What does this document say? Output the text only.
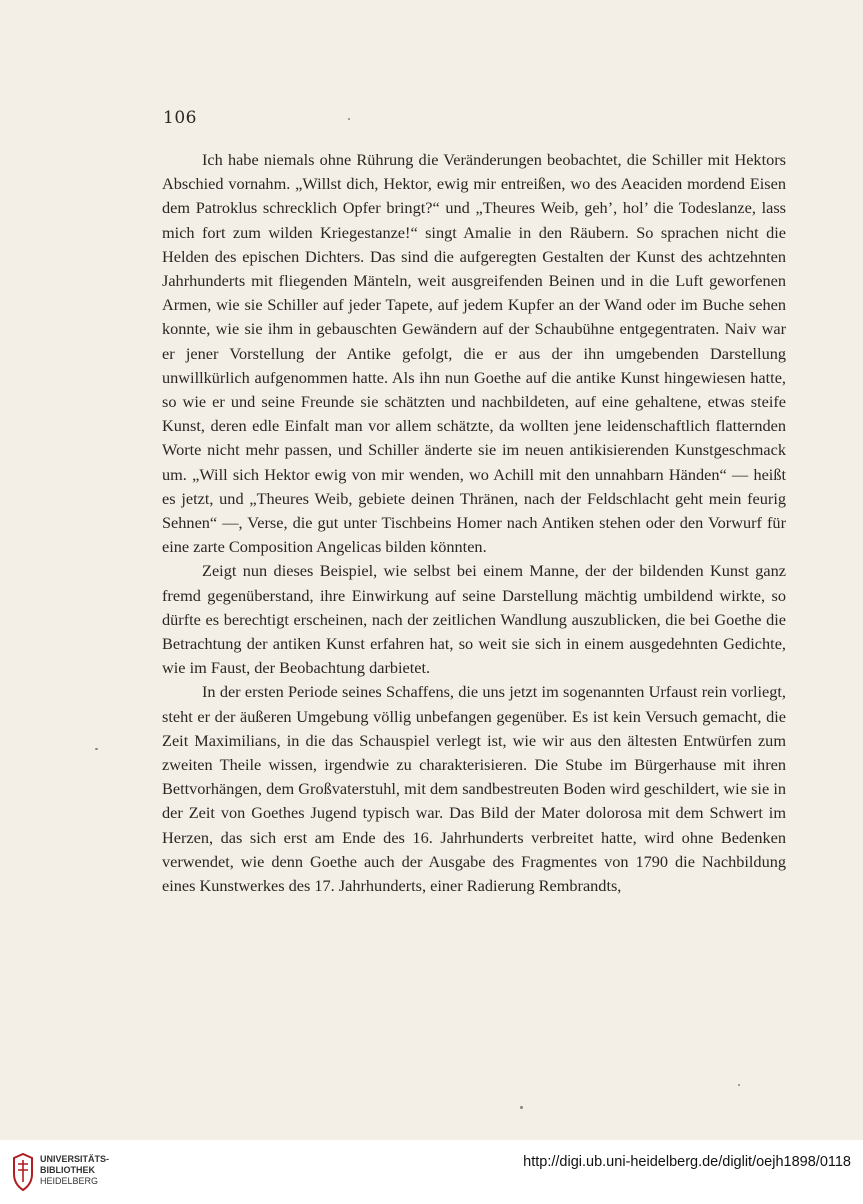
106

Ich habe niemals ohne Rührung die Veränderungen beobachtet, die Schiller mit Hektors Abschied vornahm. „Willst dich, Hektor, ewig mir entreißen, wo des Aeaciden mordend Eisen dem Patroklus schrecklich Opfer bringt?“ und „Theures Weib, geh’, hol’ die Todeslanze, lass mich fort zum wilden Kriegestanze!“ singt Amalie in den Räubern. So sprachen nicht die Helden des epischen Dichters. Das sind die aufgeregten Gestalten der Kunst des achtzehnten Jahrhunderts mit fliegenden Mänteln, weit ausgreifenden Beinen und in die Luft geworfenen Armen, wie sie Schiller auf jeder Tapete, auf jedem Kupfer an der Wand oder im Buche sehen konnte, wie sie ihm in gebauschten Gewändern auf der Schaubühne entgegentraten. Naiv war er jener Vorstellung der Antike gefolgt, die er aus der ihn umgebenden Darstellung unwillkürlich aufgenommen hatte. Als ihn nun Goethe auf die antike Kunst hingewiesen hatte, so wie er und seine Freunde sie schätzten und nachbildeten, auf eine gehaltene, etwas steife Kunst, deren edle Einfalt man vor allem schätzte, da wollten jene leidenschaftlich flatternden Worte nicht mehr passen, und Schiller änderte sie im neuen antikisierenden Kunstgeschmack um. „Will sich Hektor ewig von mir wenden, wo Achill mit den unnahbarn Händen“ — heißt es jetzt, und „Theures Weib, gebiete deinen Thränen, nach der Feldschlacht geht mein feurig Sehnen“ —, Verse, die gut unter Tischbeins Homer nach Antiken stehen oder den Vorwurf für eine zarte Composition Angelicas bilden könnten.

Zeigt nun dieses Beispiel, wie selbst bei einem Manne, der der bildenden Kunst ganz fremd gegenüberstand, ihre Einwirkung auf seine Darstellung mächtig umbildend wirkte, so dürfte es berechtigt erscheinen, nach der zeitlichen Wandlung auszublicken, die bei Goethe die Betrachtung der antiken Kunst erfahren hat, so weit sie sich in einem ausgedehnten Gedichte, wie im Faust, der Beobachtung darbietet.

In der ersten Periode seines Schaffens, die uns jetzt im sogenannten Urfaust rein vorliegt, steht er der äußeren Umgebung völlig unbefangen gegenüber. Es ist kein Versuch gemacht, die Zeit Maximilians, in die das Schauspiel verlegt ist, wie wir aus den ältesten Entwürfen zum zweiten Theile wissen, irgendwie zu charakterisieren. Die Stube im Bürgerhause mit ihren Bettvorhängen, dem Großvaterstuhl, mit dem sandbestreuten Boden wird geschildert, wie sie in der Zeit von Goethes Jugend typisch war. Das Bild der Mater dolorosa mit dem Schwert im Herzen, das sich erst am Ende des 16. Jahrhunderts verbreitet hatte, wird ohne Bedenken verwendet, wie denn Goethe auch der Ausgabe des Fragmentes von 1790 die Nachbildung eines Kunstwerkes des 17. Jahrhunderts, einer Radierung Rembrandts,

UNIVERSITÄTS-
BIBLIOTHEK
HEIDELBERG
http://digi.ub.uni-heidelberg.de/diglit/oejh1898/0118
